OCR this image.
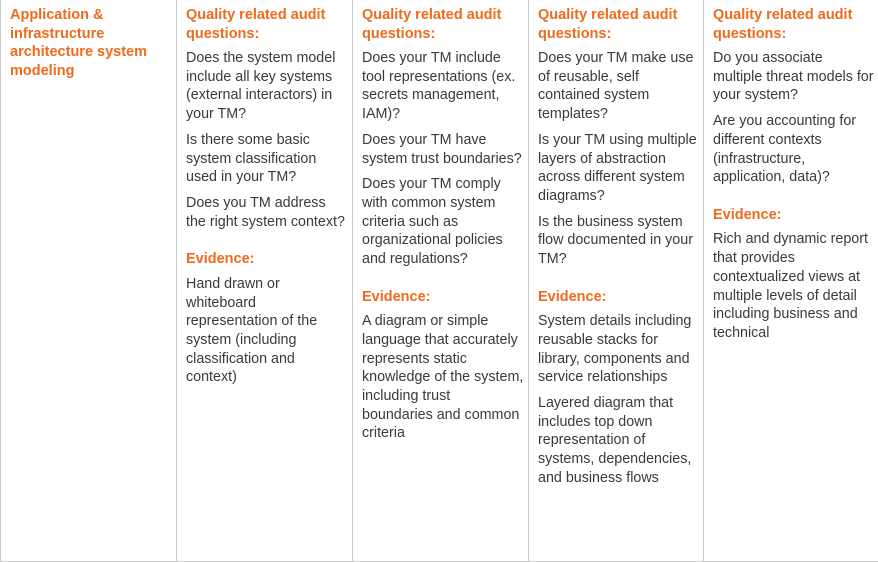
Application & infrastructure architecture system modeling

Quality related audit questions:

Does the system model include all key systems (external interactors) in your TM?

Is there some basic system classification used in your TM?

Does you TM address the right system context?

Evidence:

Hand drawn or whiteboard representation of the system (including classification and context)

Quality related audit questions:

Does your TM include tool representations (ex. secrets management, IAM)?

Does your TM have system trust boundaries?

Does your TM comply with common system criteria such as organizational policies and regulations?

Evidence:

A diagram or simple language that accurately represents static knowledge of the system, including trust boundaries and common criteria

Quality related audit questions:

Does your TM make use of reusable, self contained system templates?

Is your TM using multiple layers of abstraction across different system diagrams?

Is the business system flow documented in your TM?

Evidence:

System details including reusable stacks for library, components and service relationships

Layered diagram that includes top down representation of systems, dependencies, and business flows

Quality related audit questions:

Do you associate multiple threat models for your system?

Are you accounting for different contexts (infrastructure, application, data)?

Evidence:

Rich and dynamic report that provides contextualized views at multiple levels of detail including business and technical
